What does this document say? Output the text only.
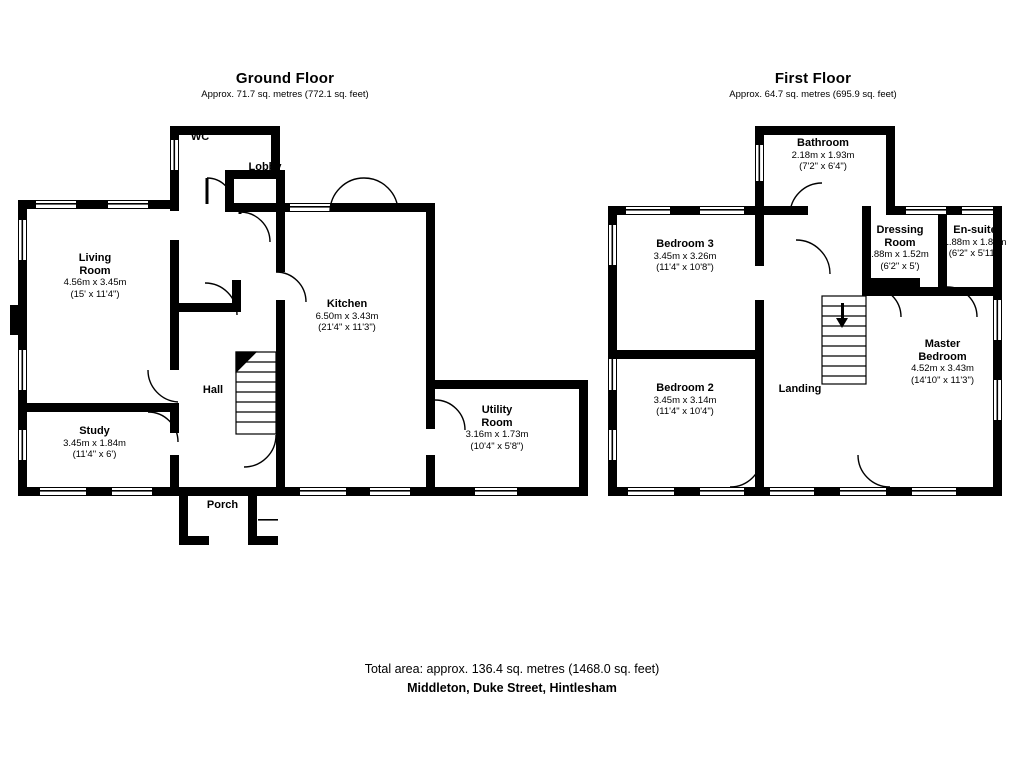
Ground Floor
Approx. 71.7 sq. metres (772.1 sq. feet)
First Floor
Approx. 64.7 sq. metres (695.9 sq. feet)
WC
Lobby
Living
Room
4.56m x 3.45m
(15' x 11'4")
Kitchen
6.50m x 3.43m
(21'4" x 11'3")
Hall
Study
3.45m x 1.84m
(11'4" x 6')
Utility
Room
3.16m x 1.73m
(10'4" x 5'8")
Porch
Bathroom
2.18m x 1.93m
(7'2" x 6'4")
Bedroom 3
3.45m x 3.26m
(11'4" x 10'8")
Dressing
Room
.88m x 1.52m
(6'2" x 5')
En-suite
1.88m x 1.81m
(6'2" x 5'11")
Bedroom 2
3.45m x 3.14m
(11'4" x 10'4")
Landing
Master
Bedroom
4.52m x 3.43m
(14'10" x 11'3")
Total area: approx. 136.4 sq. metres (1468.0 sq. feet)
Middleton, Duke Street, Hintlesham
